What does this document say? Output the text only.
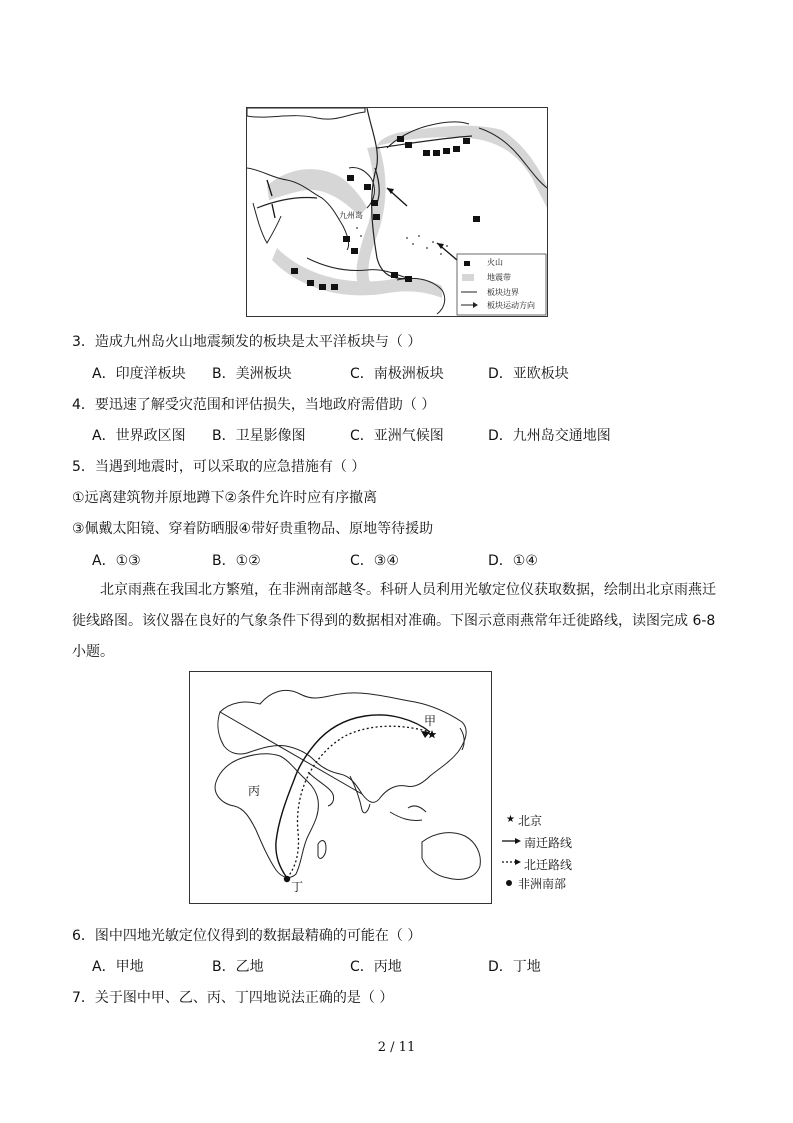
九州岛
火山
地震带
板块边界
板块运动方向
3．造成九州岛火山地震频发的板块是太平洋板块与（ ）
A．印度洋板块 B．美洲板块	C．南极洲板块	D．亚欧板块
4．要迅速了解受灾范围和评估损失，当地政府需借助（ ）
A．世界政区图 B．卫星影像图	C．亚洲气候图	D．九州岛交通地图
5．当遇到地震时，可以采取的应急措施有（ ）
①远离建筑物并原地蹲下②条件允许时应有序撤离
③佩戴太阳镜、穿着防晒服④带好贵重物品、原地等待援助
A．①③	B．①②	C．③④	D．①④
北京雨燕在我国北方繁殖，在非洲南部越冬。科研人员利用光敏定位仪获取数据，绘制出北京雨燕迁徙线路图。该仪器在良好的气象条件下得到的数据相对准确。下图示意雨燕常年迁徙路线，读图完成 6-8 小题。
甲
丙
丁
★ 北京
南迁路线
北迁路线
非洲南部
6．图中四地光敏定位仪得到的数据最精确的可能在（ ）
A．甲地	B．乙地	C．丙地	D．丁地
7．关于图中甲、乙、丙、丁四地说法正确的是（ ）
2 / 11
